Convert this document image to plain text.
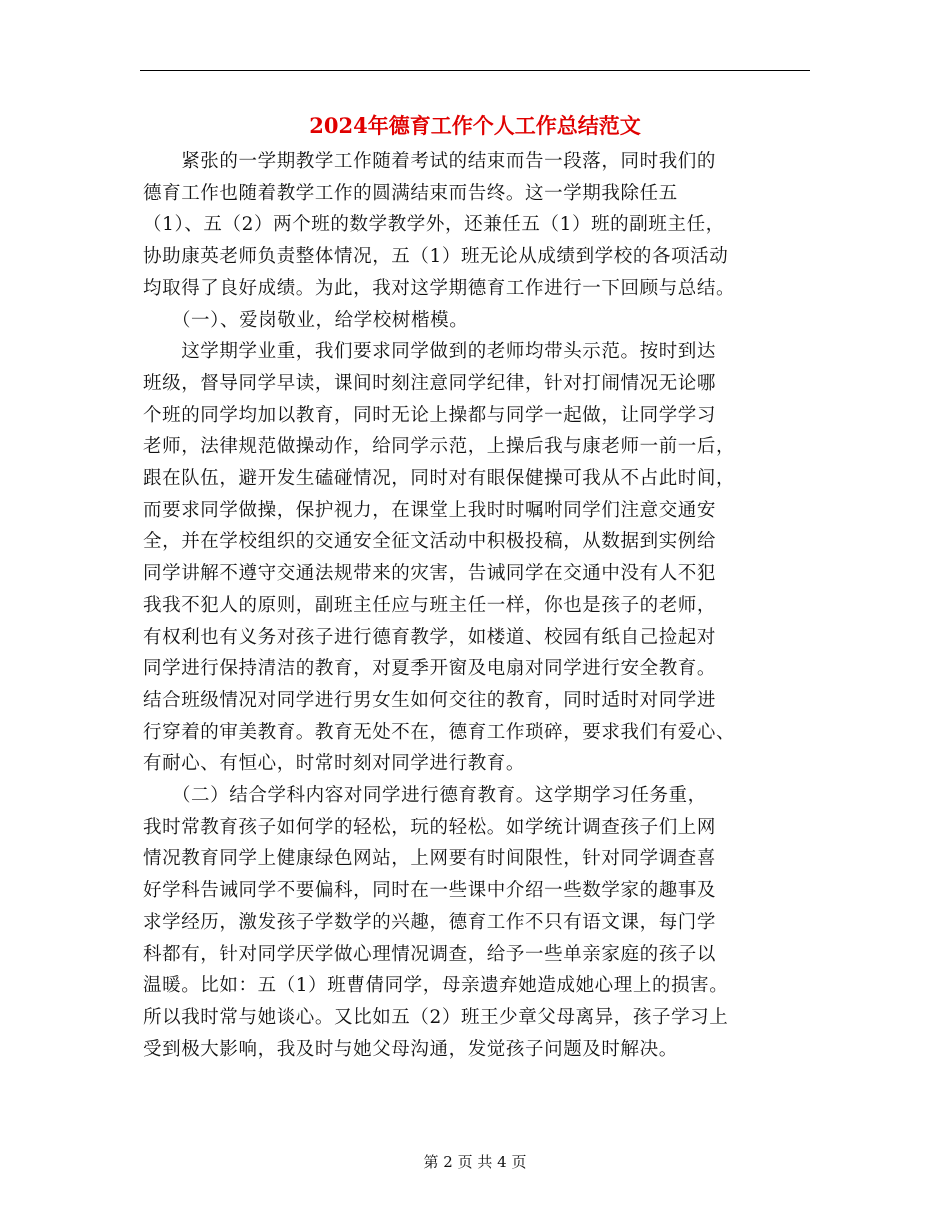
2024年德育工作个人工作总结范文
　　紧张的一学期教学工作随着考试的结束而告一段落，同时我们的
德育工作也随着教学工作的圆满结束而告终。这一学期我除任五
（1）、五（2）两个班的数学教学外，还兼任五（1）班的副班主任，
协助康英老师负责整体情况，五（1）班无论从成绩到学校的各项活动
均取得了良好成绩。为此，我对这学期德育工作进行一下回顾与总结。
　　（一）、爱岗敬业，给学校树楷模。
　　这学期学业重，我们要求同学做到的老师均带头示范。按时到达
班级，督导同学早读，课间时刻注意同学纪律，针对打闹情况无论哪
个班的同学均加以教育，同时无论上操都与同学一起做，让同学学习
老师，法律规范做操动作，给同学示范，上操后我与康老师一前一后，
跟在队伍，避开发生磕碰情况，同时对有眼保健操可我从不占此时间，
而要求同学做操，保护视力，在课堂上我时时嘱咐同学们注意交通安
全，并在学校组织的交通安全征文活动中积极投稿，从数据到实例给
同学讲解不遵守交通法规带来的灾害，告诫同学在交通中没有人不犯
我我不犯人的原则，副班主任应与班主任一样，你也是孩子的老师，
有权利也有义务对孩子进行德育教学，如楼道、校园有纸自己捡起对
同学进行保持清洁的教育，对夏季开窗及电扇对同学进行安全教育。
结合班级情况对同学进行男女生如何交往的教育，同时适时对同学进
行穿着的审美教育。教育无处不在，德育工作琐碎，要求我们有爱心、
有耐心、有恒心，时常时刻对同学进行教育。
　　（二）结合学科内容对同学进行德育教育。这学期学习任务重，
我时常教育孩子如何学的轻松，玩的轻松。如学统计调查孩子们上网
情况教育同学上健康绿色网站，上网要有时间限性，针对同学调查喜
好学科告诫同学不要偏科，同时在一些课中介绍一些数学家的趣事及
求学经历，激发孩子学数学的兴趣，德育工作不只有语文课，每门学
科都有，针对同学厌学做心理情况调查，给予一些单亲家庭的孩子以
温暖。比如：五（1）班曹倩同学，母亲遗弃她造成她心理上的损害。
所以我时常与她谈心。又比如五（2）班王少章父母离异，孩子学习上
受到极大影响，我及时与她父母沟通，发觉孩子问题及时解决。
第 2 页 共 4 页
